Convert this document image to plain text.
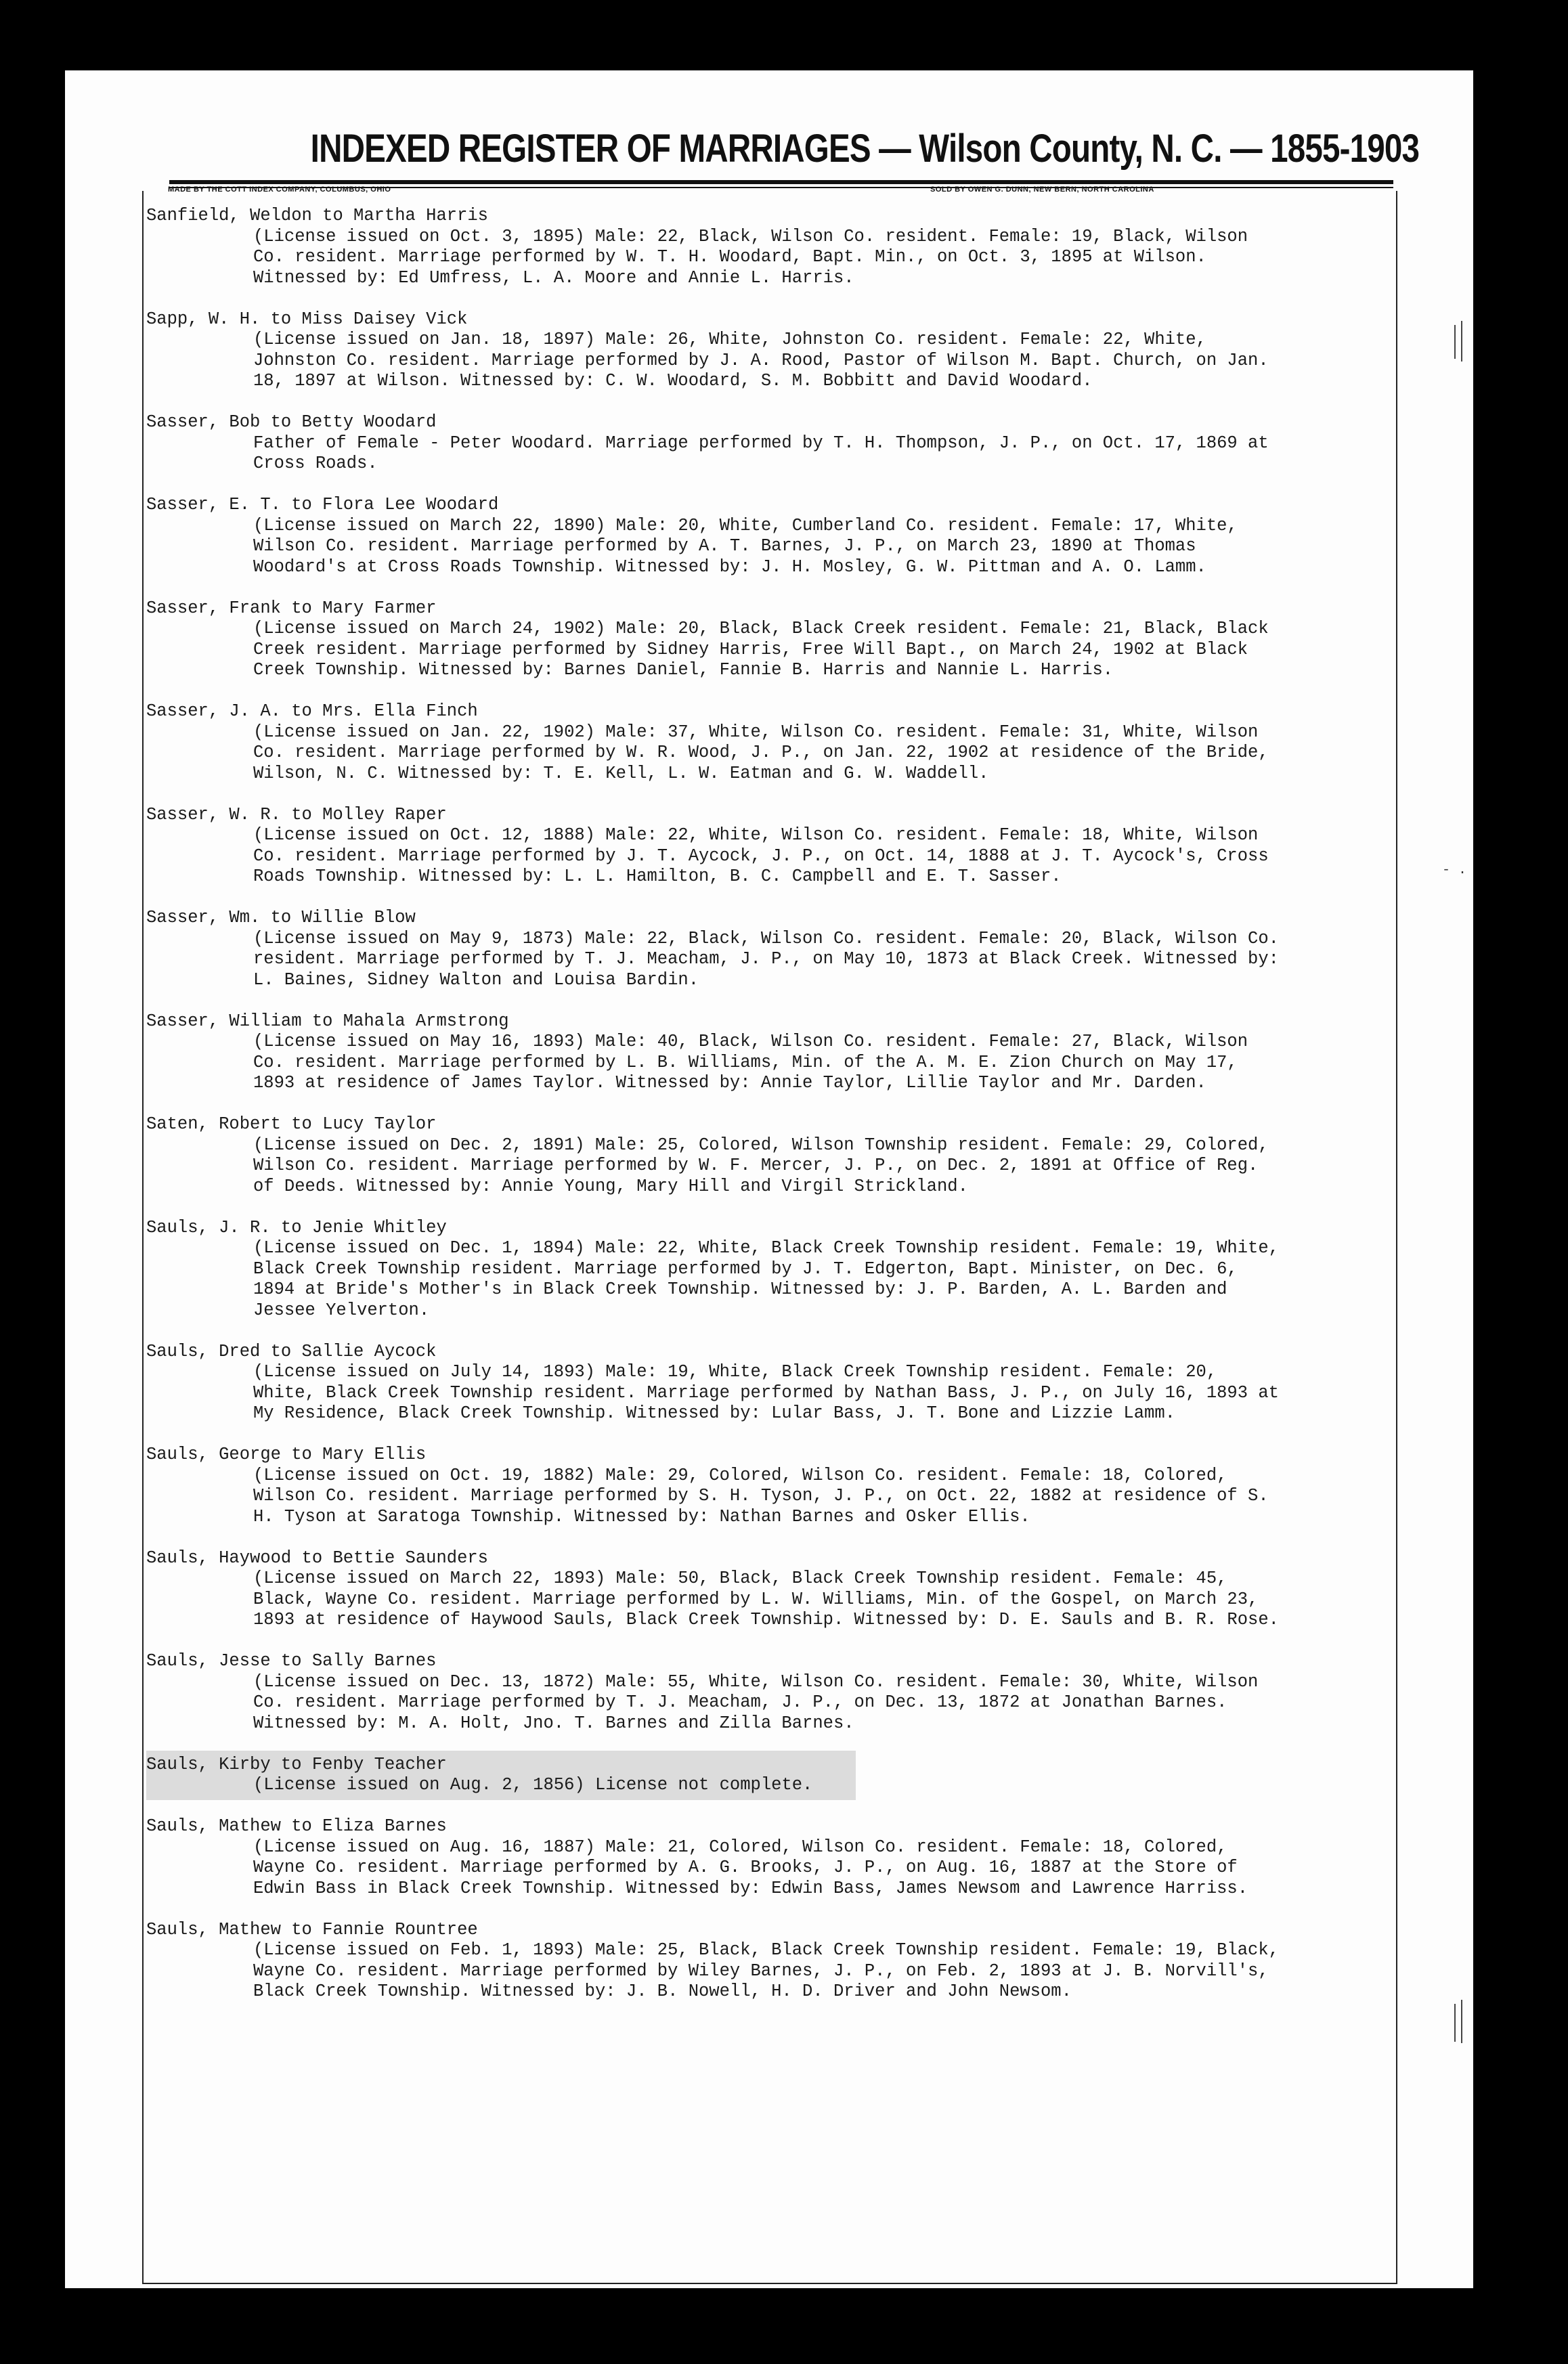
INDEXED REGISTER OF MARRIAGES — Wilson County, N. C. — 1855-1903
MADE BY THE COTT INDEX COMPANY, COLUMBUS, OHIO	SOLD BY OWEN G. DUNN, NEW BERN, NORTH CAROLINA
- .
Sanfield, Weldon to Martha Harris
(License issued on Oct. 3, 1895) Male: 22, Black, Wilson Co. resident. Female: 19, Black, Wilson Co. resident. Marriage performed by W. T. H. Woodard, Bapt. Min., on Oct. 3, 1895 at Wilson. Witnessed by: Ed Umfress, L. A. Moore and Annie L. Harris.
Sapp, W. H. to Miss Daisey Vick
(License issued on Jan. 18, 1897) Male: 26, White, Johnston Co. resident. Female: 22, White, Johnston Co. resident. Marriage performed by J. A. Rood, Pastor of Wilson M. Bapt. Church, on Jan. 18, 1897 at Wilson. Witnessed by: C. W. Woodard, S. M. Bobbitt and David Woodard.
Sasser, Bob to Betty Woodard
Father of Female - Peter Woodard. Marriage performed by T. H. Thompson, J. P., on Oct. 17, 1869 at Cross Roads.
Sasser, E. T. to Flora Lee Woodard
(License issued on March 22, 1890) Male: 20, White, Cumberland Co. resident. Female: 17, White, Wilson Co. resident. Marriage performed by A. T. Barnes, J. P., on March 23, 1890 at Thomas Woodard's at Cross Roads Township. Witnessed by: J. H. Mosley, G. W. Pittman and A. O. Lamm.
Sasser, Frank to Mary Farmer
(License issued on March 24, 1902) Male: 20, Black, Black Creek resident. Female: 21, Black, Black Creek resident. Marriage performed by Sidney Harris, Free Will Bapt., on March 24, 1902 at Black Creek Township. Witnessed by: Barnes Daniel, Fannie B. Harris and Nannie L. Harris.
Sasser, J. A. to Mrs. Ella Finch
(License issued on Jan. 22, 1902) Male: 37, White, Wilson Co. resident. Female: 31, White, Wilson Co. resident. Marriage performed by W. R. Wood, J. P., on Jan. 22, 1902 at residence of the Bride, Wilson, N. C. Witnessed by: T. E. Kell, L. W. Eatman and G. W. Waddell.
Sasser, W. R. to Molley Raper
(License issued on Oct. 12, 1888) Male: 22, White, Wilson Co. resident. Female: 18, White, Wilson Co. resident. Marriage performed by J. T. Aycock, J. P., on Oct. 14, 1888 at J. T. Aycock's, Cross Roads Township. Witnessed by: L. L. Hamilton, B. C. Campbell and E. T. Sasser.
Sasser, Wm. to Willie Blow
(License issued on May 9, 1873) Male: 22, Black, Wilson Co. resident. Female: 20, Black, Wilson Co. resident. Marriage performed by T. J. Meacham, J. P., on May 10, 1873 at Black Creek. Witnessed by: L. Baines, Sidney Walton and Louisa Bardin.
Sasser, William to Mahala Armstrong
(License issued on May 16, 1893) Male: 40, Black, Wilson Co. resident. Female: 27, Black, Wilson Co. resident. Marriage performed by L. B. Williams, Min. of the A. M. E. Zion Church on May 17, 1893 at residence of James Taylor. Witnessed by: Annie Taylor, Lillie Taylor and Mr. Darden.
Saten, Robert to Lucy Taylor
(License issued on Dec. 2, 1891) Male: 25, Colored, Wilson Township resident. Female: 29, Colored, Wilson Co. resident. Marriage performed by W. F. Mercer, J. P., on Dec. 2, 1891 at Office of Reg. of Deeds. Witnessed by: Annie Young, Mary Hill and Virgil Strickland.
Sauls, J. R. to Jenie Whitley
(License issued on Dec. 1, 1894) Male: 22, White, Black Creek Township resident. Female: 19, White, Black Creek Township resident. Marriage performed by J. T. Edgerton, Bapt. Minister, on Dec. 6, 1894 at Bride's Mother's in Black Creek Township. Witnessed by: J. P. Barden, A. L. Barden and Jessee Yelverton.
Sauls, Dred to Sallie Aycock
(License issued on July 14, 1893) Male: 19, White, Black Creek Township resident. Female: 20, White, Black Creek Township resident. Marriage performed by Nathan Bass, J. P., on July 16, 1893 at My Residence, Black Creek Township. Witnessed by: Lular Bass, J. T. Bone and Lizzie Lamm.
Sauls, George to Mary Ellis
(License issued on Oct. 19, 1882) Male: 29, Colored, Wilson Co. resident. Female: 18, Colored, Wilson Co. resident. Marriage performed by S. H. Tyson, J. P., on Oct. 22, 1882 at residence of S. H. Tyson at Saratoga Township. Witnessed by: Nathan Barnes and Osker Ellis.
Sauls, Haywood to Bettie Saunders
(License issued on March 22, 1893) Male: 50, Black, Black Creek Township resident. Female: 45, Black, Wayne Co. resident. Marriage performed by L. W. Williams, Min. of the Gospel, on March 23, 1893 at residence of Haywood Sauls, Black Creek Township. Witnessed by: D. E. Sauls and B. R. Rose.
Sauls, Jesse to Sally Barnes
(License issued on Dec. 13, 1872) Male: 55, White, Wilson Co. resident. Female: 30, White, Wilson Co. resident. Marriage performed by T. J. Meacham, J. P., on Dec. 13, 1872 at Jonathan Barnes. Witnessed by: M. A. Holt, Jno. T. Barnes and Zilla Barnes.
Sauls, Kirby to Fenby Teacher
(License issued on Aug. 2, 1856) License not complete.
Sauls, Mathew to Eliza Barnes
(License issued on Aug. 16, 1887) Male: 21, Colored, Wilson Co. resident. Female: 18, Colored, Wayne Co. resident. Marriage performed by A. G. Brooks, J. P., on Aug. 16, 1887 at the Store of Edwin Bass in Black Creek Township. Witnessed by: Edwin Bass, James Newsom and Lawrence Harriss.
Sauls, Mathew to Fannie Rountree
(License issued on Feb. 1, 1893) Male: 25, Black, Black Creek Township resident. Female: 19, Black, Wayne Co. resident. Marriage performed by Wiley Barnes, J. P., on Feb. 2, 1893 at J. B. Norvill's, Black Creek Township. Witnessed by: J. B. Nowell, H. D. Driver and John Newsom.
